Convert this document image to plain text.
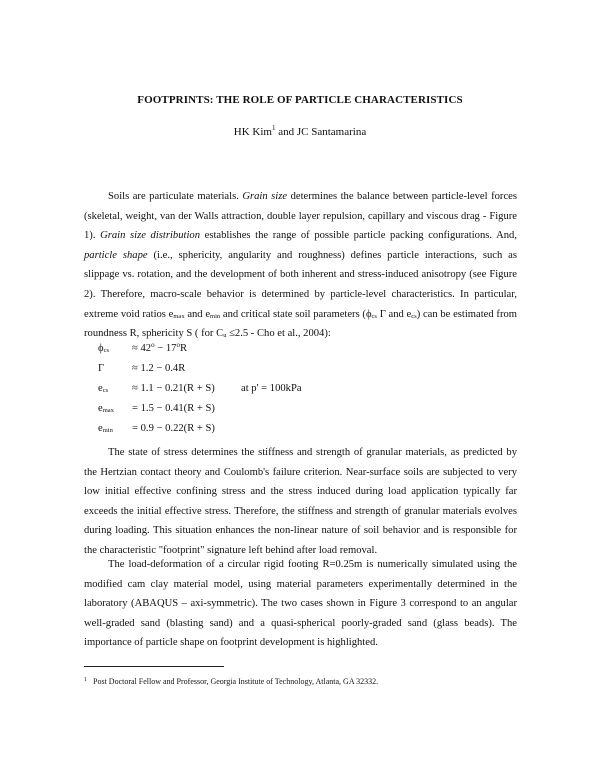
FOOTPRINTS: THE ROLE OF PARTICLE CHARACTERISTICS
HK Kim$^1$ and JC Santamarina

Soils are particulate materials. Grain size determines the balance between particle-level forces (skeletal, weight, van der Walls attraction, double layer repulsion, capillary and viscous drag - Figure 1). Grain size distribution establishes the range of possible particle packing configurations. And, particle shape (i.e., sphericity, angularity and roughness) defines particle interactions, such as slippage vs. rotation, and the development of both inherent and stress-induced anisotropy (see Figure 2). Therefore, macro-scale behavior is determined by particle-level characteristics. In particular, extreme void ratios $e_{max}$ and $e_{min}$ and critical state soil parameters ($\phi_{cs}$ Γ and $e_{cs}$) can be estimated from roundness R, sphericity S ( for $C_u \le 2.5$ - Cho et al., 2004):

$\phi_{cs} \approx 42^o - 17^oR$
Γ	≈ 1.2 − 0.4R
$e_{cs} \approx 1.1 - 0.21(R + S)$ at p' = 100kPa
$e_{max} = 1.5 - 0.41(R + S)$
$e_{min} = 0.9 - 0.22(R + S)$

The state of stress determines the stiffness and strength of granular materials, as predicted by the Hertzian contact theory and Coulomb's failure criterion. Near-surface soils are subjected to very low initial effective confining stress and the stress induced during load application typically far exceeds the initial effective stress. Therefore, the stiffness and strength of granular materials evolves during loading. This situation enhances the non-linear nature of soil behavior and is responsible for the characteristic "footprint" signature left behind after load removal.

The load-deformation of a circular rigid footing R=0.25m is numerically simulated using the modified cam clay material model, using material parameters experimentally determined in the laboratory (ABAQUS – axi-symmetric). The two cases shown in Figure 3 correspond to an angular well-graded sand (blasting sand) and a quasi-spherical poorly-graded sand (glass beads). The importance of particle shape on footprint development is highlighted.

$^1$ Post Doctoral Fellow and Professor, Georgia Institute of Technology, Atlanta, GA 32332.
